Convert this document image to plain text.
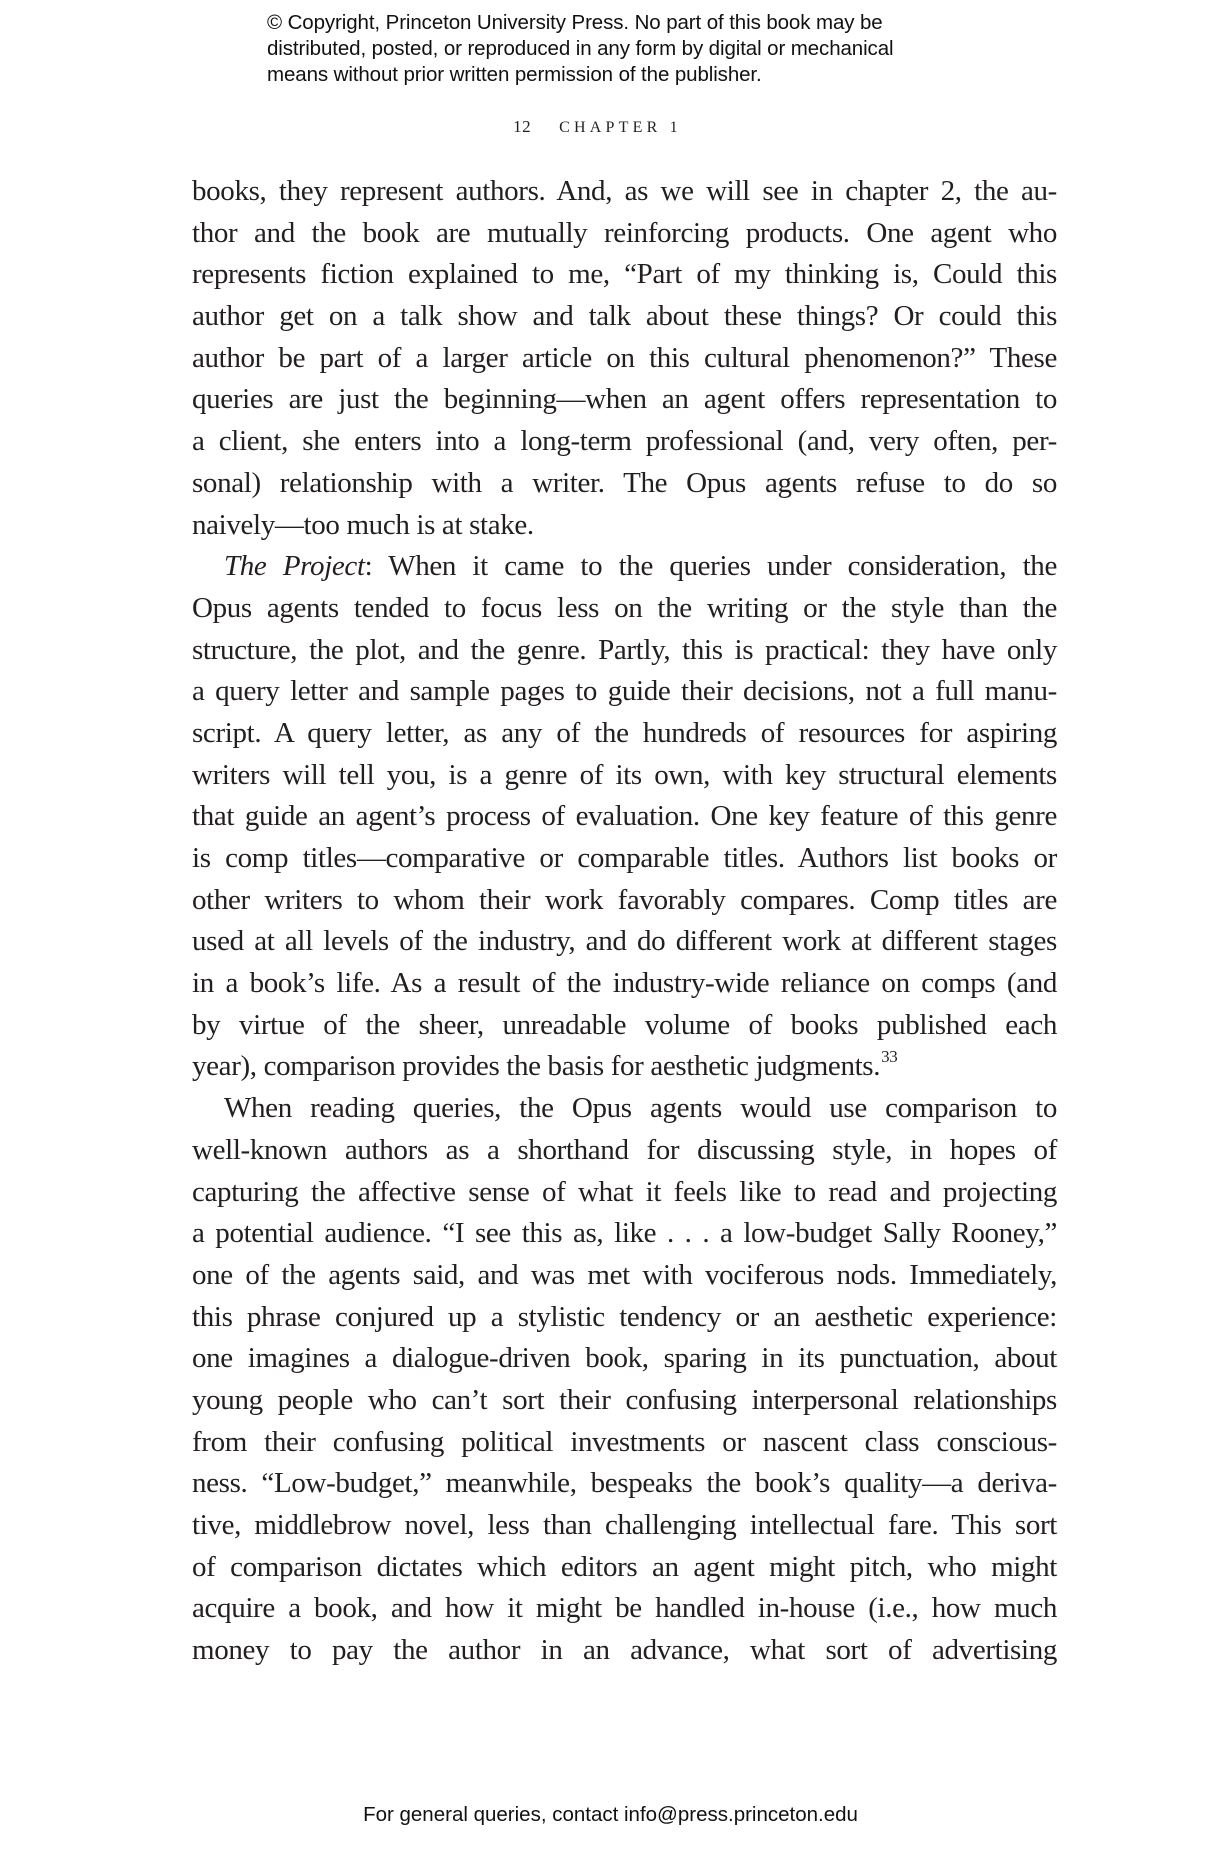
© Copyright, Princeton University Press. No part of this book may be
distributed, posted, or reproduced in any form by digital or mechanical
means without prior written permission of the publisher.
12 CHAPTER 1
books, they represent authors. And, as we will see in chapter 2, the au-
thor and the book are mutually reinforcing products. One agent who
represents fiction explained to me, “Part of my thinking is, Could this
author get on a talk show and talk about these things? Or could this
author be part of a larger article on this cultural phenomenon?” These
queries are just the beginning—when an agent offers representation to
a client, she enters into a long-term professional (and, very often, per-
sonal) relationship with a writer. The Opus agents refuse to do so
naively—too much is at stake.
The Project: When it came to the queries under consideration, the
Opus agents tended to focus less on the writing or the style than the
structure, the plot, and the genre. Partly, this is practical: they have only
a query letter and sample pages to guide their decisions, not a full manu-
script. A query letter, as any of the hundreds of resources for aspiring
writers will tell you, is a genre of its own, with key structural elements
that guide an agent’s process of evaluation. One key feature of this genre
is comp titles—comparative or comparable titles. Authors list books or
other writers to whom their work favorably compares. Comp titles are
used at all levels of the industry, and do different work at different stages
in a book’s life. As a result of the industry-wide reliance on comps (and
by virtue of the sheer, unreadable volume of books published each
year), comparison provides the basis for aesthetic judgments.$^{33}$
When reading queries, the Opus agents would use comparison to
well-known authors as a shorthand for discussing style, in hopes of
capturing the affective sense of what it feels like to read and projecting
a potential audience. “I see this as, like . . . a low-budget Sally Rooney,”
one of the agents said, and was met with vociferous nods. Immediately,
this phrase conjured up a stylistic tendency or an aesthetic experience:
one imagines a dialogue-driven book, sparing in its punctuation, about
young people who can’t sort their confusing interpersonal relationships
from their confusing political investments or nascent class conscious-
ness. “Low-budget,” meanwhile, bespeaks the book’s quality—a deriva-
tive, middlebrow novel, less than challenging intellectual fare. This sort
of comparison dictates which editors an agent might pitch, who might
acquire a book, and how it might be handled in-house (i.e., how much
money to pay the author in an advance, what sort of advertising
For general queries, contact info@press.princeton.edu
